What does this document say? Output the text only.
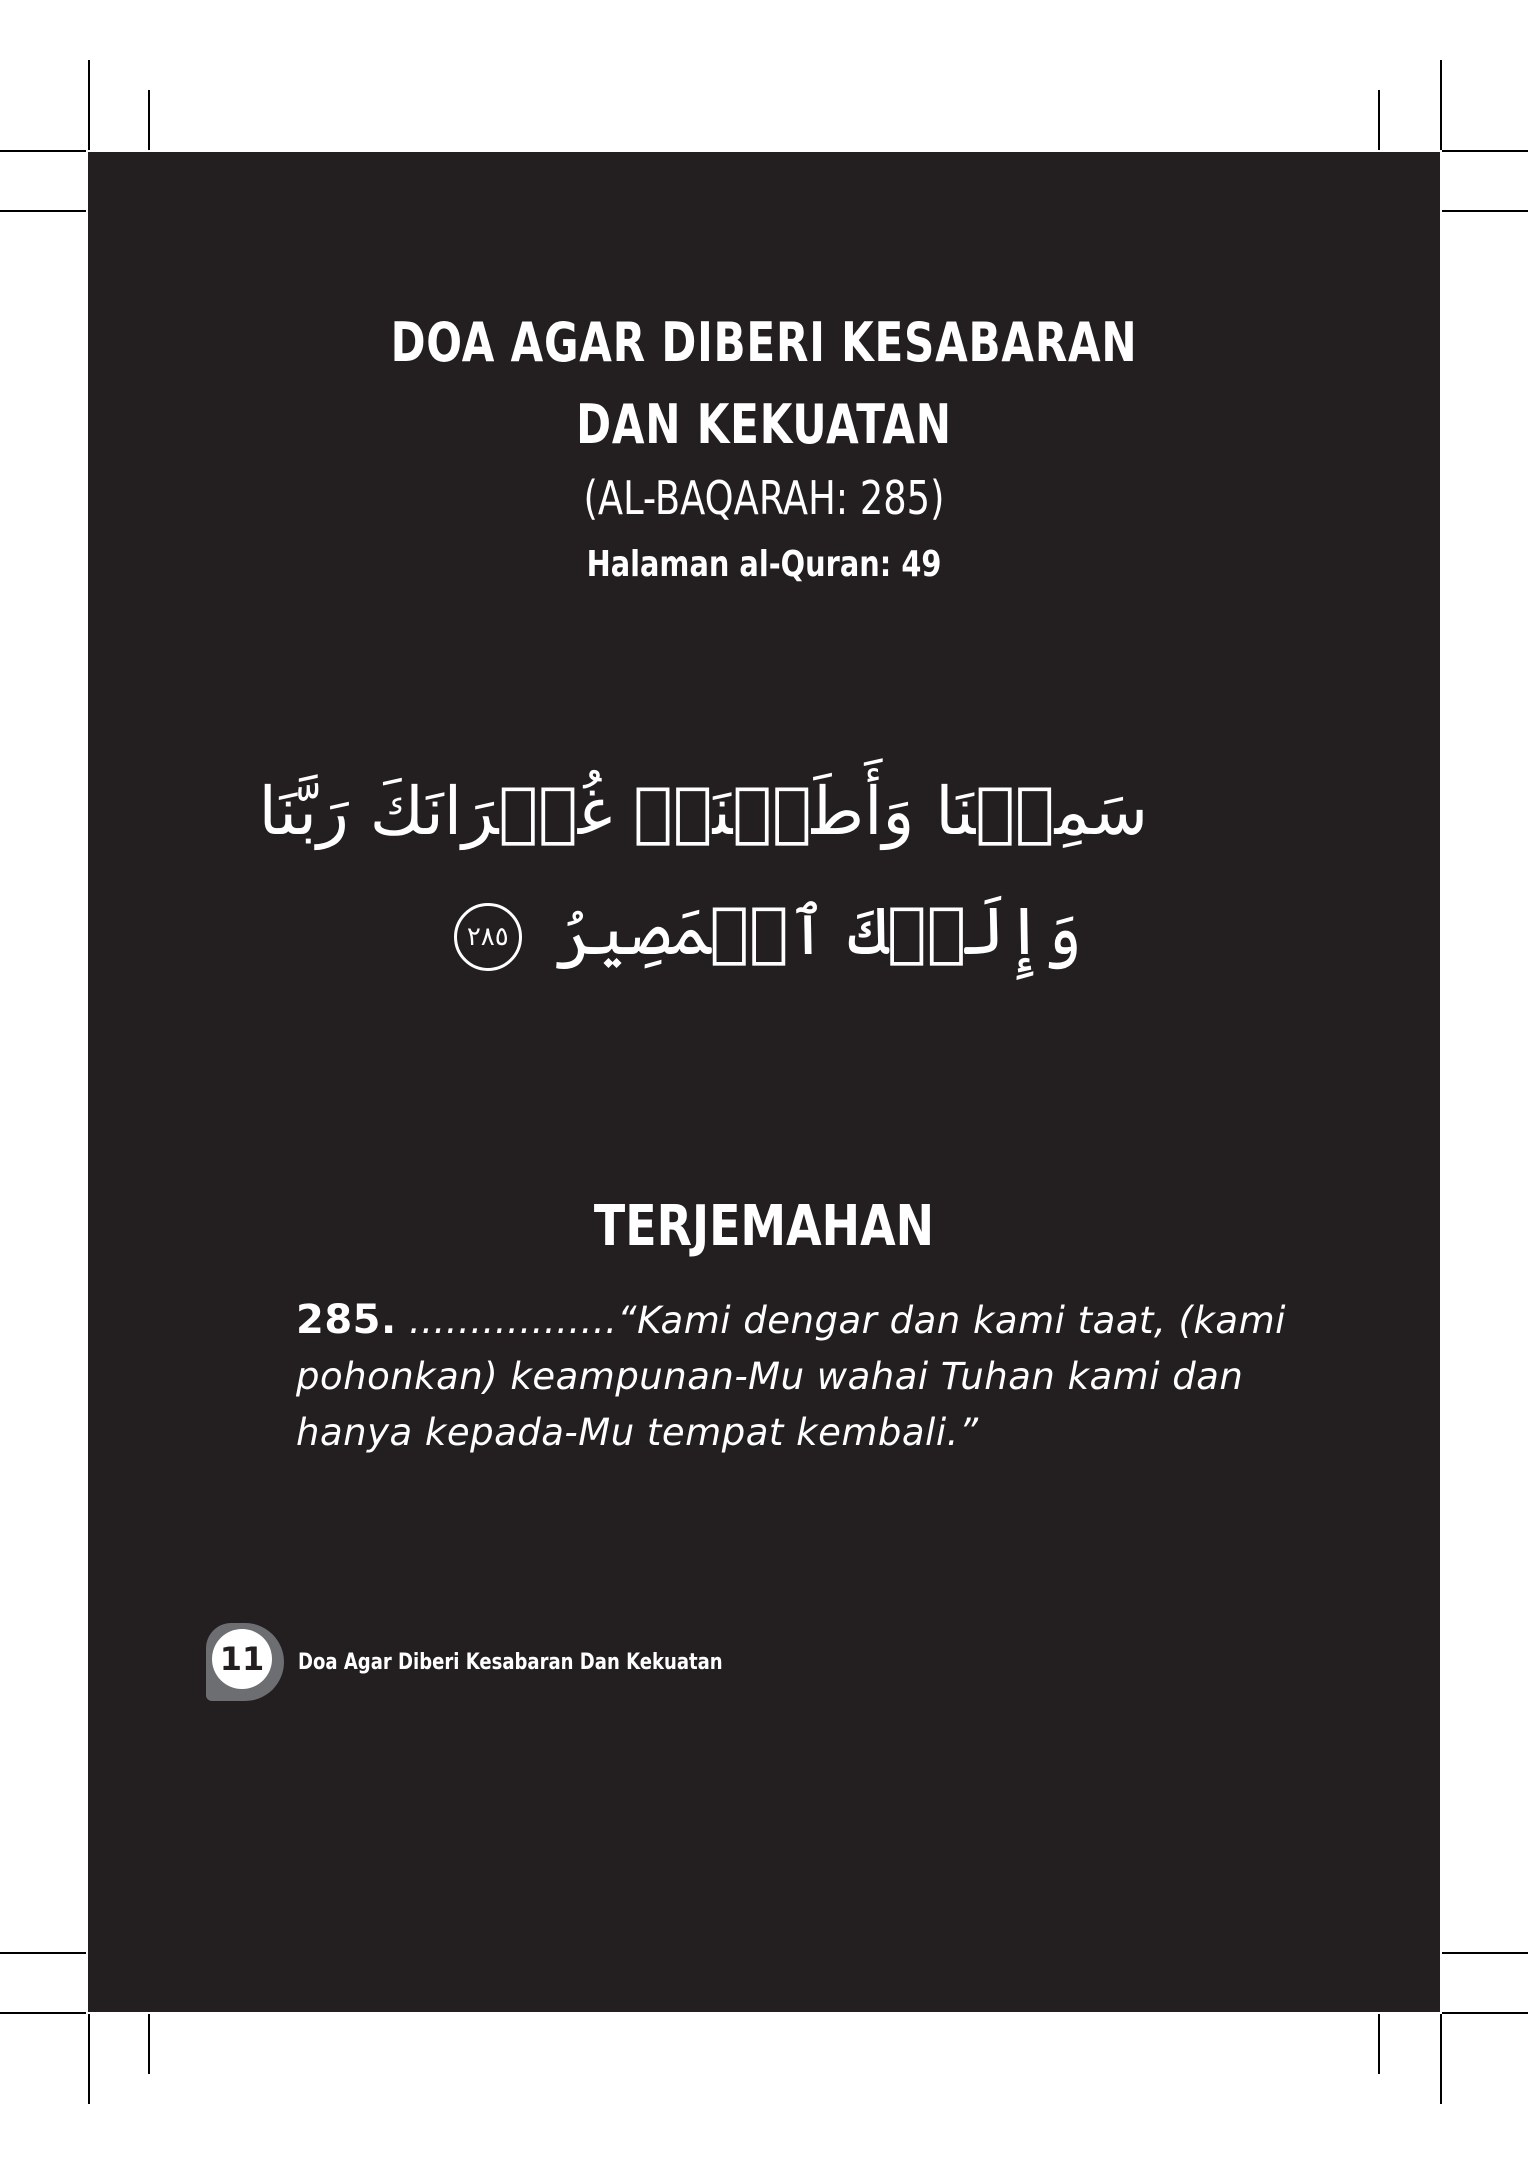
DOA AGAR DIBERI KESABARAN
DAN KEKUATAN
(AL-BAQARAH: 285)
Halaman al-Quran: 49
سَمِعۡنَا وَأَطَعۡنَاۖ غُفۡرَانَكَ رَبَّنَا
وَإِلَيۡكَ ٱلۡمَصِيرُ ٢٨٥
TERJEMAHAN
285. .................“Kami dengar dan kami taat, (kami pohonkan) keampunan-Mu wahai Tuhan kami dan hanya kepada-Mu tempat kembali.”
11	Doa Agar Diberi Kesabaran Dan Kekuatan
